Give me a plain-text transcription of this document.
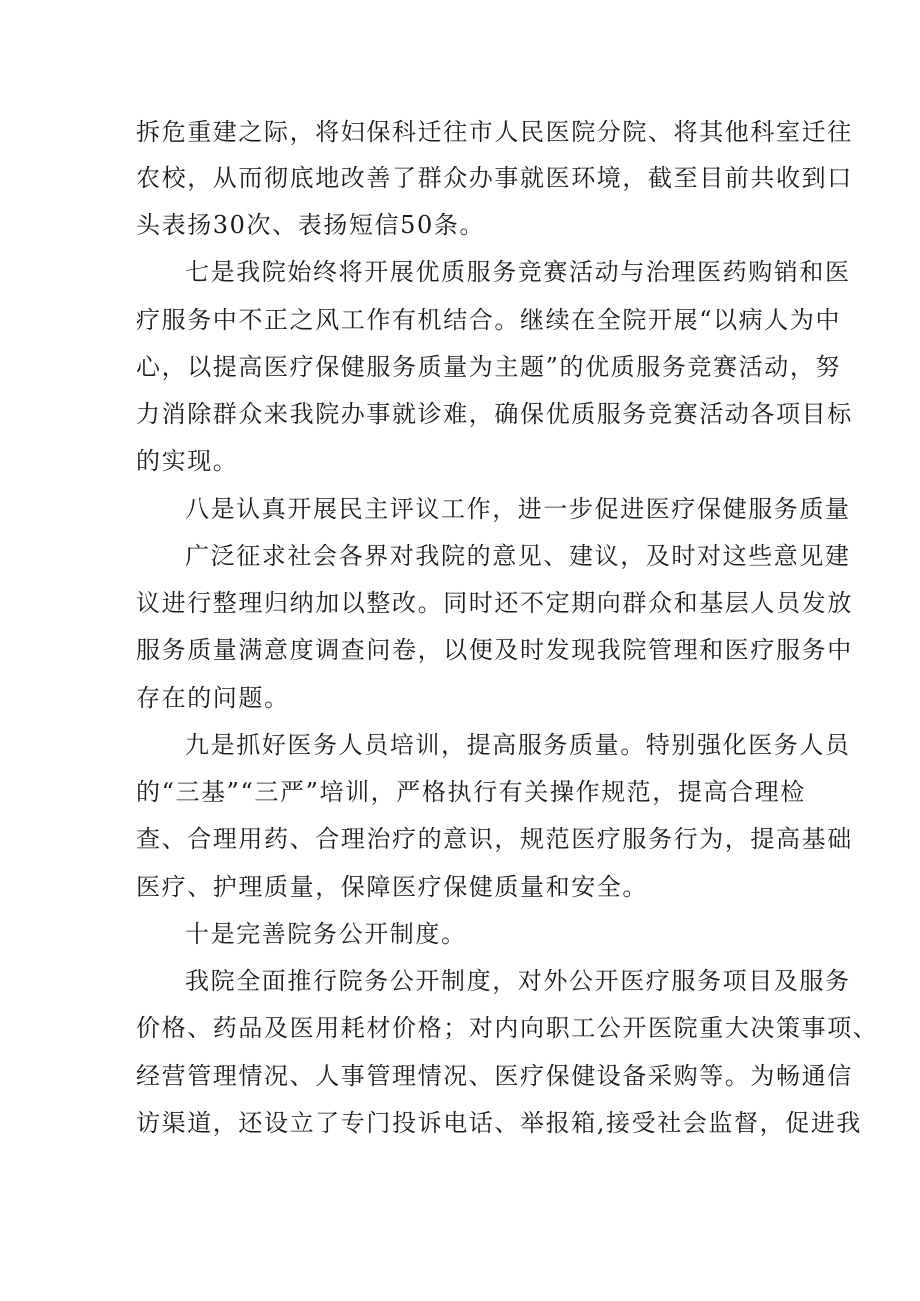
拆危重建之际，将妇保科迁往市人民医院分院、将其他科室迁往
农校，从而彻底地改善了群众办事就医环境，截至目前共收到口
头表扬30次、表扬短信50条。
七是我院始终将开展优质服务竞赛活动与治理医药购销和医
疗服务中不正之风工作有机结合。继续在全院开展“以病人为中
心，以提高医疗保健服务质量为主题”的优质服务竞赛活动，努
力消除群众来我院办事就诊难，确保优质服务竞赛活动各项目标
的实现。
八是认真开展民主评议工作，进一步促进医疗保健服务质量
广泛征求社会各界对我院的意见、建议，及时对这些意见建
议进行整理归纳加以整改。同时还不定期向群众和基层人员发放
服务质量满意度调查问卷，以便及时发现我院管理和医疗服务中
存在的问题。
九是抓好医务人员培训，提高服务质量。特别强化医务人员
的“三基”“三严”培训，严格执行有关操作规范，提高合理检
查、合理用药、合理治疗的意识，规范医疗服务行为，提高基础
医疗、护理质量，保障医疗保健质量和安全。
十是完善院务公开制度。
我院全面推行院务公开制度，对外公开医疗服务项目及服务
价格、药品及医用耗材价格；对内向职工公开医院重大决策事项、
经营管理情况、人事管理情况、医疗保健设备采购等。为畅通信
访渠道，还设立了专门投诉电话、举报箱,接受社会监督，促进我
